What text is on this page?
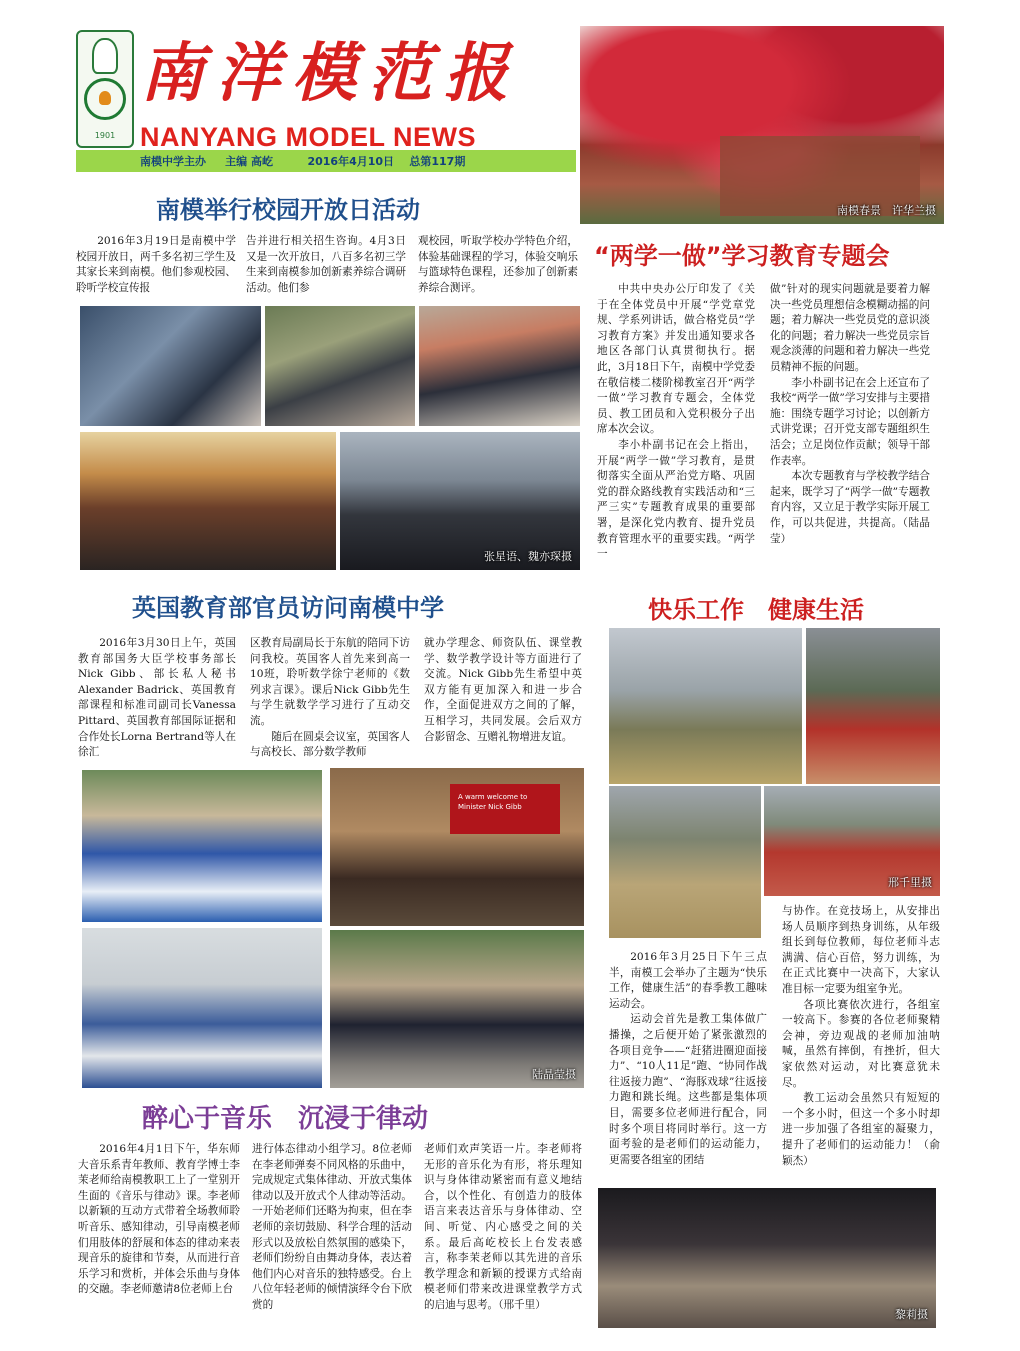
1901
南洋模范报
NANYANG MODEL NEWS
南模中学主办 主编 高屹	2016年4月10日 总第117期
南模春景　许华兰摄
南模举行校园开放日活动

2016年3月19日是南模中学校园开放日，两千多名初三学生及其家长来到南模。他们参观校园、聆听学校宣传报

告并进行相关招生咨询。4月3日又是一次开放日，八百多名初三学生来到南模参加创新素养综合调研活动。他们参

观校园，听取学校办学特色介绍，体验基础课程的学习，体验交响乐与篮球特色课程，还参加了创新素养综合测评。

张星语、魏亦琛摄
“两学一做”学习教育专题会

中共中央办公厅印发了《关于在全体党员中开展“学党章党规、学系列讲话，做合格党员”学习教育方案》并发出通知要求各地区各部门认真贯彻执行。据此，3月18日下午，南模中学党委在敬信楼二楼阶梯教室召开“两学一做”学习教育专题会，全体党员、教工团员和入党积极分子出席本次会议。

李小朴副书记在会上指出，开展“两学一做”学习教育，是贯彻落实全面从严治党方略、巩固党的群众路线教育实践活动和“三严三实”专题教育成果的重要部署，是深化党内教育、提升党员教育管理水平的重要实践。“两学一

做”针对的现实问题就是要着力解决一些党员理想信念模糊动摇的问题；着力解决一些党员党的意识淡化的问题；着力解决一些党员宗旨观念淡薄的问题和着力解决一些党员精神不振的问题。

李小朴副书记在会上还宣布了我校“两学一做”学习安排与主要措施：围绕专题学习讨论；以创新方式讲党课；召开党支部专题组织生活会；立足岗位作贡献；领导干部作表率。

本次专题教育与学校教学结合起来，既学习了“两学一做”专题教育内容，又立足于教学实际开展工作，可以共促进，共提高。（陆晶莹）

英国教育部官员访问南模中学

2016年3月30日上午，英国教育部国务大臣学校事务部长Nick Gibb、部长私人秘书Alexander Badrick、英国教育部课程和标准司副司长Vanessa Pittard、英国教育部国际证据和合作处长Lorna Bertrand等人在徐汇

区教育局副局长于东航的陪同下访问我校。英国客人首先来到高一10班，聆听数学徐宁老师的《数列求言课》。课后Nick Gibb先生与学生就数学学习进行了互动交流。

随后在圆桌会议室，英国客人与高校长、部分数学教师

就办学理念、师资队伍、课堂教学、数学教学设计等方面进行了交流。Nick Gibb先生希望中英双方能有更加深入和进一步合作，全面促进双方之间的了解，互相学习，共同发展。会后双方合影留念、互赠礼物增进友谊。

A warm welcome to Minister Nick Gibb
陆晶莹摄
快乐工作　健康生活
邢千里摄

2016年3月25日下午三点半，南模工会举办了主题为“快乐工作，健康生活”的春季教工趣味运动会。

运动会首先是教工集体做广播操，之后便开始了紧张激烈的各项目竞争——“赶猪进圈迎面接力”、“10人11足”跑、“协同作战往返接力跑”、“海豚戏球”往返接力跑和跳长绳。这些都是集体项目，需要多位老师进行配合，同时多个项目将同时举行。这一方面考验的是老师们的运动能力，更需要各组室的团结

与协作。在竞技场上，从安排出场人员顺序到热身训练，从年级组长到每位教师，每位老师斗志满满、信心百倍，努力训练，为在正式比赛中一决高下，大家认准目标一定要为组室争光。

各项比赛依次进行，各组室一较高下。参赛的各位老师聚精会神，旁边观战的老师加油呐喊，虽然有摔倒，有挫折，但大家依然对运动，对比赛意犹未尽。

教工运动会虽然只有短短的一个多小时，但这一个多小时却进一步加强了各组室的凝聚力，提升了老师们的运动能力！（俞颖杰）

黎莉摄
醉心于音乐　沉浸于律动

2016年4月1日下午，华东师大音乐系青年教师、教育学博士李茉老师给南模教职工上了一堂别开生面的《音乐与律动》课。李老师以新颖的互动方式带着全场教师聆听音乐、感知律动，引导南模老师们用肢体的舒展和体态的律动来表现音乐的旋律和节奏，从而进行音乐学习和赏析，并体会乐曲与身体的交融。李老师邀请8位老师上台

进行体态律动小组学习。8位老师在李老师弹奏不同风格的乐曲中，完成规定式集体律动、开放式集体律动以及开放式个人律动等活动。一开始老师们还略为拘束，但在李老师的亲切鼓励、科学合理的活动形式以及放松自然氛围的感染下，老师们纷纷自由舞动身体，表达着他们内心对音乐的独特感受。台上八位年轻老师的倾情演绎令台下欣赏的

老师们欢声笑语一片。李老师将无形的音乐化为有形，将乐理知识与身体律动紧密而有意义地结合，以个性化、有创造力的肢体语言来表达音乐与身体律动、空间、听觉、内心感受之间的关系。最后高屹校长上台发表感言，称李茉老师以其先进的音乐教学理念和新颖的授课方式给南模老师们带来改进课堂教学方式的启迪与思考。（邢千里）
